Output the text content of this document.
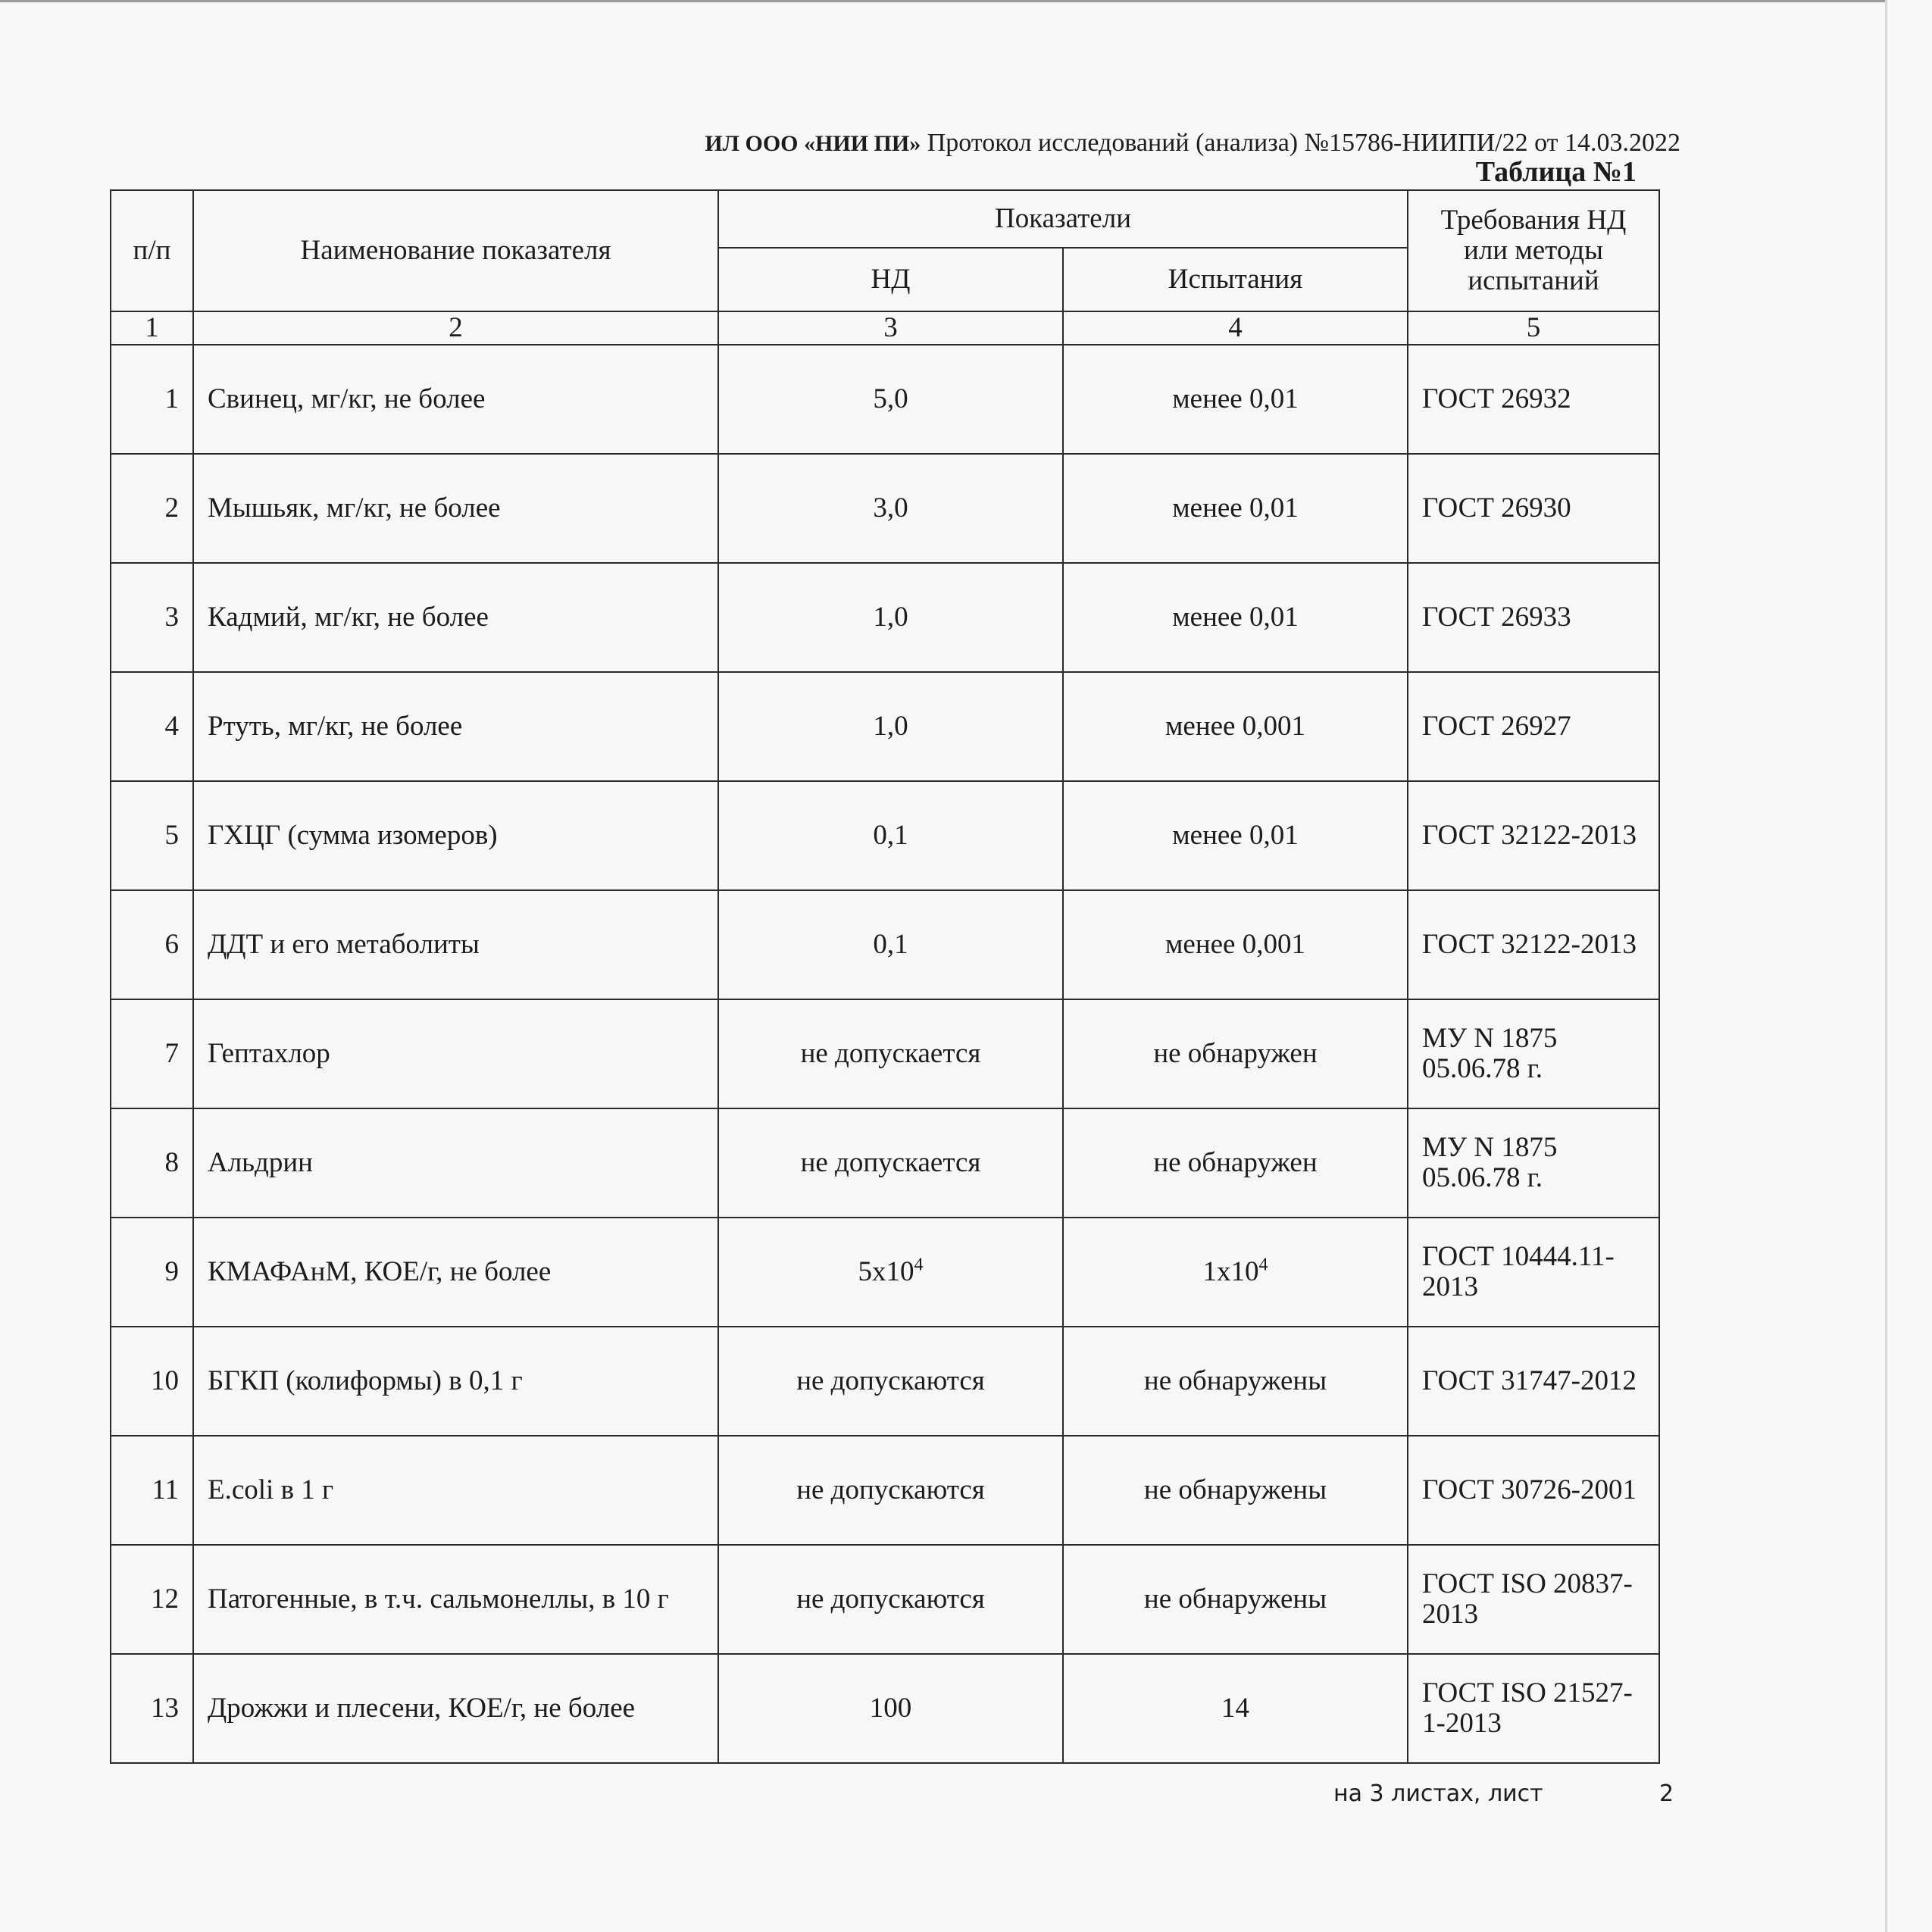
ИЛ ООО «НИИ ПИ» Протокол исследований (анализа) №15786-НИИПИ/22 от 14.03.2022
Таблица №1
п/п	Наименование показателя	Показатели		Требования НД или методы испытаний
		НД	Испытания	
1	2	3	4	5
1	Свинец, мг/кг, не более	5,0	менее 0,01	ГОСТ 26932
2	Мышьяк, мг/кг, не более	3,0	менее 0,01	ГОСТ 26930
3	Кадмий, мг/кг, не более	1,0	менее 0,01	ГОСТ 26933
4	Ртуть, мг/кг, не более	1,0	менее 0,001	ГОСТ 26927
5	ГХЦГ (сумма изомеров)	0,1	менее 0,01	ГОСТ 32122-2013
6	ДДТ и его метаболиты	0,1	менее 0,001	ГОСТ 32122-2013
7	Гептахлор	не допускается	не обнаружен	МУ N 1875 05.06.78 г.
8	Альдрин	не допускается	не обнаружен	МУ N 1875 05.06.78 г.
9	КМАФАнМ, КОЕ/г, не более	$5х10^4$	$1х10^4$	ГОСТ 10444.11-2013
10	БГКП (колиформы) в 0,1 г	не допускаются	не обнаружены	ГОСТ 31747-2012
11	E.coli в 1 г	не допускаются	не обнаружены	ГОСТ 30726-2001
12	Патогенные, в т.ч. сальмонеллы, в 10 г	не допускаются	не обнаружены	ГОСТ ISO 20837-2013
13	Дрожжи и плесени, КОЕ/г, не более	100	14	ГОСТ ISO 21527-1-2013
на 3 листах, лист	2
